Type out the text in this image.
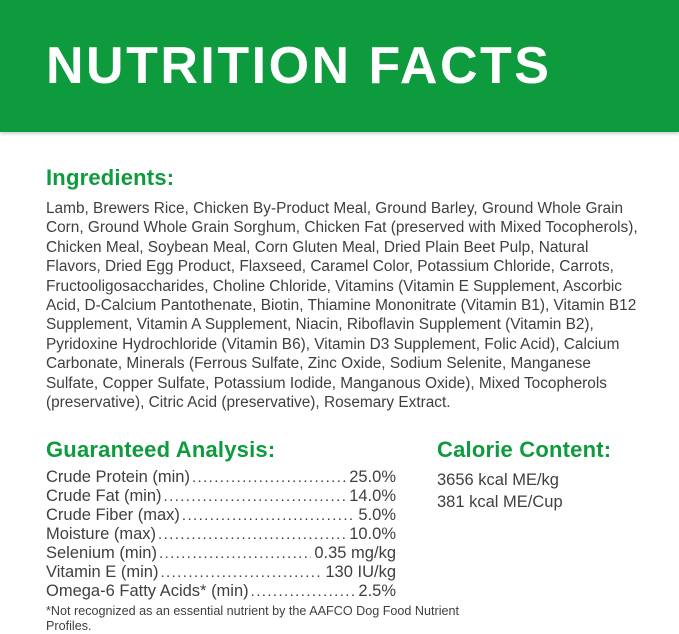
NUTRITION FACTS
Ingredients:

Lamb, Brewers Rice, Chicken By-Product Meal, Ground Barley, Ground Whole Grain Corn, Ground Whole Grain Sorghum, Chicken Fat (preserved with Mixed Tocopherols), Chicken Meal, Soybean Meal, Corn Gluten Meal, Dried Plain Beet Pulp, Natural Flavors, Dried Egg Product, Flaxseed, Caramel Color, Potassium Chloride, Carrots, Fructooligosaccharides, Choline Chloride, Vitamins (Vitamin E Supplement, Ascorbic Acid, D-Calcium Pantothenate, Biotin, Thiamine Mononitrate (Vitamin B1), Vitamin B12 Supplement, Vitamin A Supplement, Niacin, Riboflavin Supplement (Vitamin B2), Pyridoxine Hydrochloride (Vitamin B6), Vitamin D3 Supplement, Folic Acid), Calcium Carbonate, Minerals (Ferrous Sulfate, Zinc Oxide, Sodium Selenite, Manganese Sulfate, Copper Sulfate, Potassium Iodide, Manganous Oxide), Mixed Tocopherols (preservative), Citric Acid (preservative), Rosemary Extract.

Guaranteed Analysis:
Crude Protein (min) .....	25.0%
Crude Fat (min) .....	14.0%
Crude Fiber (max) .....	5.0%
Moisture (max) .....	10.0%
Selenium (min) .....	0.35 mg/kg
Vitamin E (min) .....	130 IU/kg
Omega-6 Fatty Acids* (min) .....	2.5%

*Not recognized as an essential nutrient by the AAFCO Dog Food Nutrient Profiles.

Calorie Content:

3656 kcal ME/kg

381 kcal ME/Cup
